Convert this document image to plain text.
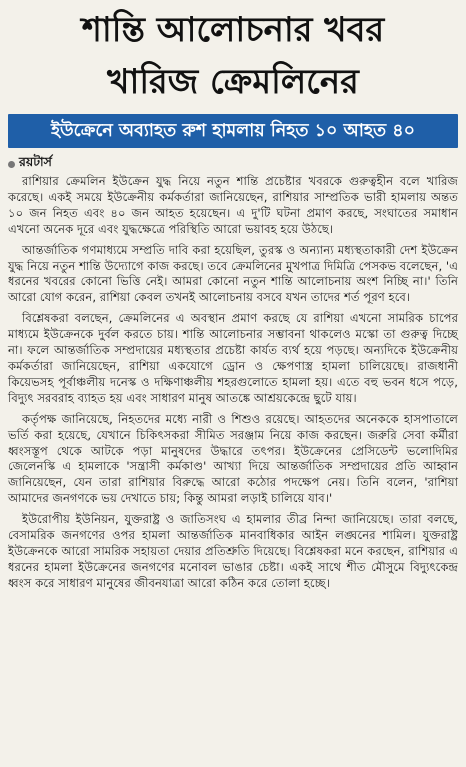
শান্তি আলোচনার খবর
খারিজ ক্রেমলিনের
ইউক্রেনে অব্যাহত রুশ হামলায় নিহত ১০ আহত ৪০
রয়টার্স

রাশিয়ার ক্রেমলিন ইউক্রেন যুদ্ধ নিয়ে নতুন শান্তি প্রচেষ্টার খবরকে গুরুত্বহীন বলে খারিজ করেছে। একই সময়ে ইউক্রেনীয় কর্মকর্তারা জানিয়েছেন, রাশিয়ার সাম্প্রতিক ভারী হামলায় অন্তত ১০ জন নিহত এবং ৪০ জন আহত হয়েছেন। এ দু'টি ঘটনা প্রমাণ করছে, সংঘাতের সমাধান এখনো অনেক দূরে এবং যুদ্ধক্ষেত্রে পরিস্থিতি আরো ভয়াবহ হয়ে উঠছে।

আন্তর্জাতিক গণমাধ্যমে সম্প্রতি দাবি করা হয়েছিল, তুরস্ক ও অন্যান্য মধ্যস্থতাকারী দেশ ইউক্রেন যুদ্ধ নিয়ে নতুন শান্তি উদ্যোগে কাজ করছে। তবে ক্রেমলিনের মুখপাত্র দিমিত্রি পেসকভ বলেছেন, 'এ ধরনের খবরের কোনো ভিত্তি নেই। আমরা কোনো নতুন শান্তি আলোচনায় অংশ নিচ্ছি না।' তিনি আরো যোগ করেন, রাশিয়া কেবল তখনই আলোচনায় বসবে যখন তাদের শর্ত পূরণ হবে।

বিশ্লেষকরা বলছেন, ক্রেমলিনের এ অবস্থান প্রমাণ করছে যে রাশিয়া এখনো সামরিক চাপের মাধ্যমে ইউক্রেনকে দুর্বল করতে চায়। শান্তি আলোচনার সম্ভাবনা থাকলেও মস্কো তা গুরুত্ব দিচ্ছে না। ফলে আন্তর্জাতিক সম্প্রদায়ের মধ্যস্থতার প্রচেষ্টা কার্যত ব্যর্থ হয়ে পড়ছে। অন্যদিকে ইউক্রেনীয় কর্মকর্তারা জানিয়েছেন, রাশিয়া একযোগে ড্রোন ও ক্ষেপণাস্ত্র হামলা চালিয়েছে। রাজধানী কিয়েভসহ পূর্বাঞ্চলীয় দনেস্ক ও দক্ষিণাঞ্চলীয় শহরগুলোতে হামলা হয়। এতে বহু ভবন ধসে পড়ে, বিদ্যুৎ সরবরাহ ব্যাহত হয় এবং সাধারণ মানুষ আতঙ্কে আশ্রয়কেন্দ্রে ছুটে যায়।

কর্তৃপক্ষ জানিয়েছে, নিহতদের মধ্যে নারী ও শিশুও রয়েছে। আহতদের অনেককে হাসপাতালে ভর্তি করা হয়েছে, যেখানে চিকিৎসকরা সীমিত সরঞ্জাম নিয়ে কাজ করছেন। জরুরি সেবা কর্মীরা ধ্বংসস্তূপ থেকে আটকে পড়া মানুষদের উদ্ধারে তৎপর। ইউক্রেনের প্রেসিডেন্ট ভলোদিমির জেলেনস্কি এ হামলাকে 'সন্ত্রাসী কর্মকাণ্ড' আখ্যা দিয়ে আন্তর্জাতিক সম্প্রদায়ের প্রতি আহ্বান জানিয়েছেন, যেন তারা রাশিয়ার বিরুদ্ধে আরো কঠোর পদক্ষেপ নেয়। তিনি বলেন, 'রাশিয়া আমাদের জনগণকে ভয় দেখাতে চায়; কিন্তু আমরা লড়াই চালিয়ে যাব।'

ইউরোপীয় ইউনিয়ন, যুক্তরাষ্ট্র ও জাতিসংঘ এ হামলার তীব্র নিন্দা জানিয়েছে। তারা বলছে, বেসামরিক জনগণের ওপর হামলা আন্তর্জাতিক মানবাধিকার আইন লঙ্ঘনের শামিল। যুক্তরাষ্ট্র ইউক্রেনকে আরো সামরিক সহায়তা দেয়ার প্রতিশ্রুতি দিয়েছে। বিশ্লেষকরা মনে করছেন, রাশিয়ার এ ধরনের হামলা ইউক্রেনের জনগণের মনোবল ভাঙার চেষ্টা। একই সাথে শীত মৌসুমে বিদ্যুৎকেন্দ্র ধ্বংস করে সাধারণ মানুষের জীবনযাত্রা আরো কঠিন করে তোলা হচ্ছে।
